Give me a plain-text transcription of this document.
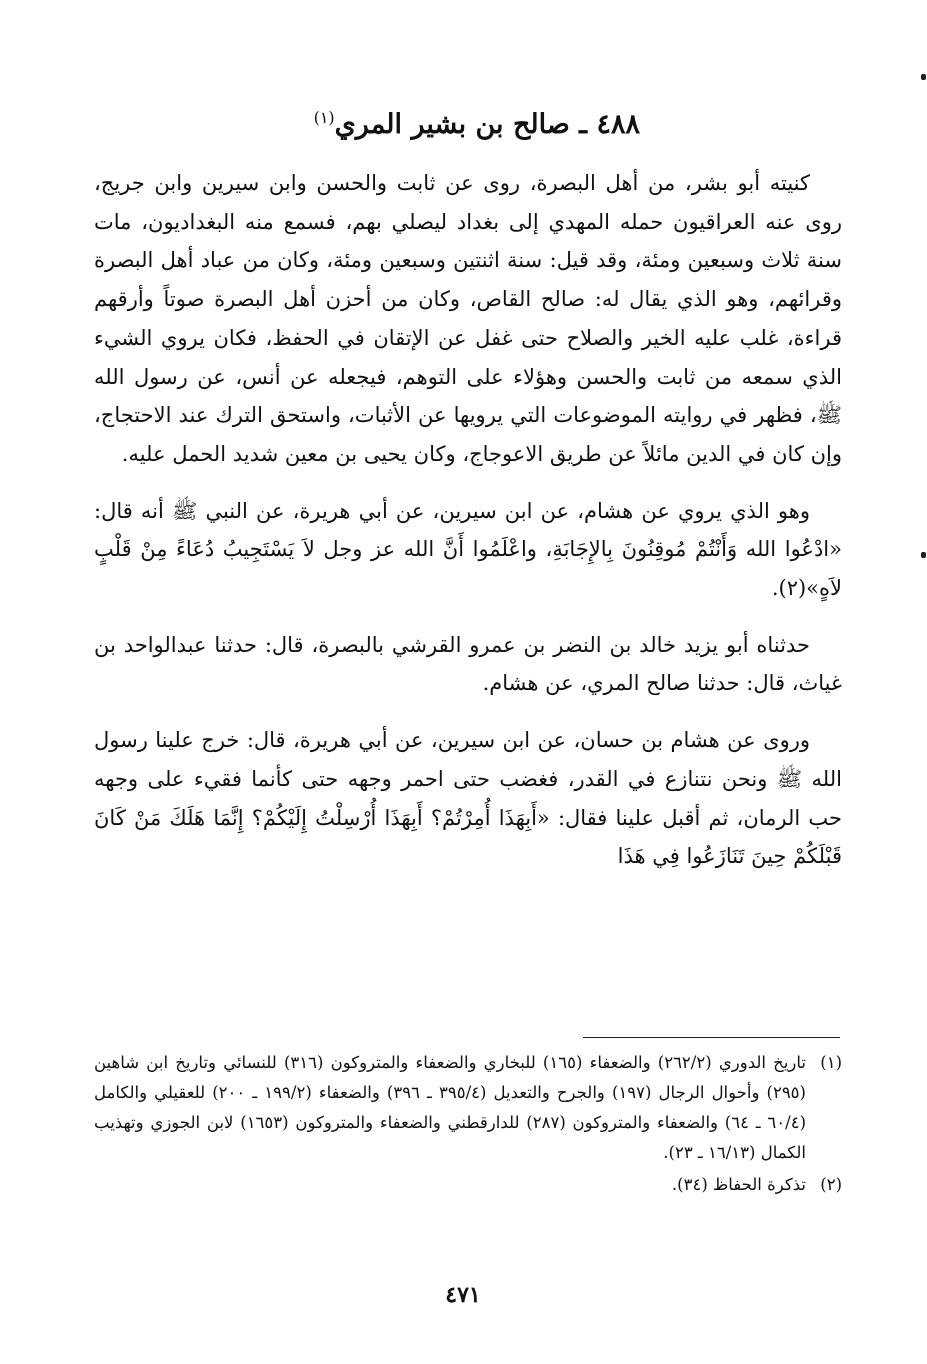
٤٨٨ ـ صالح بن بشير المري$^{(١)}$

كنيته أبو بشر، من أهل البصرة، روى عن ثابت والحسن وابن سيرين وابن جريج، روى عنه العراقيون حمله المهدي إلى بغداد ليصلي بهم، فسمع منه البغداديون، مات سنة ثلاث وسبعين ومئة، وقد قيل: سنة اثنتين وسبعين ومئة، وكان من عباد أهل البصرة وقرائهم، وهو الذي يقال له: صالح القاص، وكان من أحزن أهل البصرة صوتاً وأرقهم قراءة، غلب عليه الخير والصلاح حتى غفل عن الإتقان في الحفظ، فكان يروي الشيء الذي سمعه من ثابت والحسن وهؤلاء على التوهم، فيجعله عن أنس، عن رسول الله ﷺ، فظهر في روايته الموضوعات التي يرويها عن الأثبات، واستحق الترك عند الاحتجاج، وإن كان في الدين مائلاً عن طريق الاعوجاج، وكان يحيى بن معين شديد الحمل عليه.

وهو الذي يروي عن هشام، عن ابن سيرين، عن أبي هريرة، عن النبي ﷺ أنه قال: «ادْعُوا الله وَأَنْتُمْ مُوقِنُونَ بِالإِجَابَةِ، واعْلَمُوا أَنَّ الله عز وجل لاَ يَسْتَجِيبُ دُعَاءً مِنْ قَلْبٍ لاَهٍ»(٢).

حدثناه أبو يزيد خالد بن النضر بن عمرو القرشي بالبصرة، قال: حدثنا عبدالواحد بن غياث، قال: حدثنا صالح المري، عن هشام.

وروى عن هشام بن حسان، عن ابن سيرين، عن أبي هريرة، قال: خرج علينا رسول الله ﷺ ونحن نتنازع في القدر، فغضب حتى احمر وجهه حتى كأنما فقيء على وجهه حب الرمان، ثم أقبل علينا فقال: «أَبِهَذَا أُمِرْتُمْ؟ أَبِهَذَا أُرْسِلْتُ إِلَيْكُمْ؟ إِنَّمَا هَلَكَ مَنْ كَانَ قَبْلَكُمْ حِينَ تَنَازَعُوا فِي هَذَا

(١)
تاريخ الدوري (٢٦٢/٢) والضعفاء (١٦٥) للبخاري والضعفاء والمتروكون (٣١٦) للنسائي وتاريخ ابن شاهين (٢٩٥) وأحوال الرجال (١٩٧) والجرح والتعديل (٣٩٥/٤ ـ ٣٩٦) والضعفاء (١٩٩/٢ ـ ٢٠٠) للعقيلي والكامل (٦٠/٤ ـ ٦٤) والضعفاء والمتروكون (٢٨٧) للدارقطني والضعفاء والمتروكون (١٦٥٣) لابن الجوزي وتهذيب الكمال (١٦/١٣ ـ ٢٣).
(٢)
تذكرة الحفاظ (٣٤).
٤٧١
